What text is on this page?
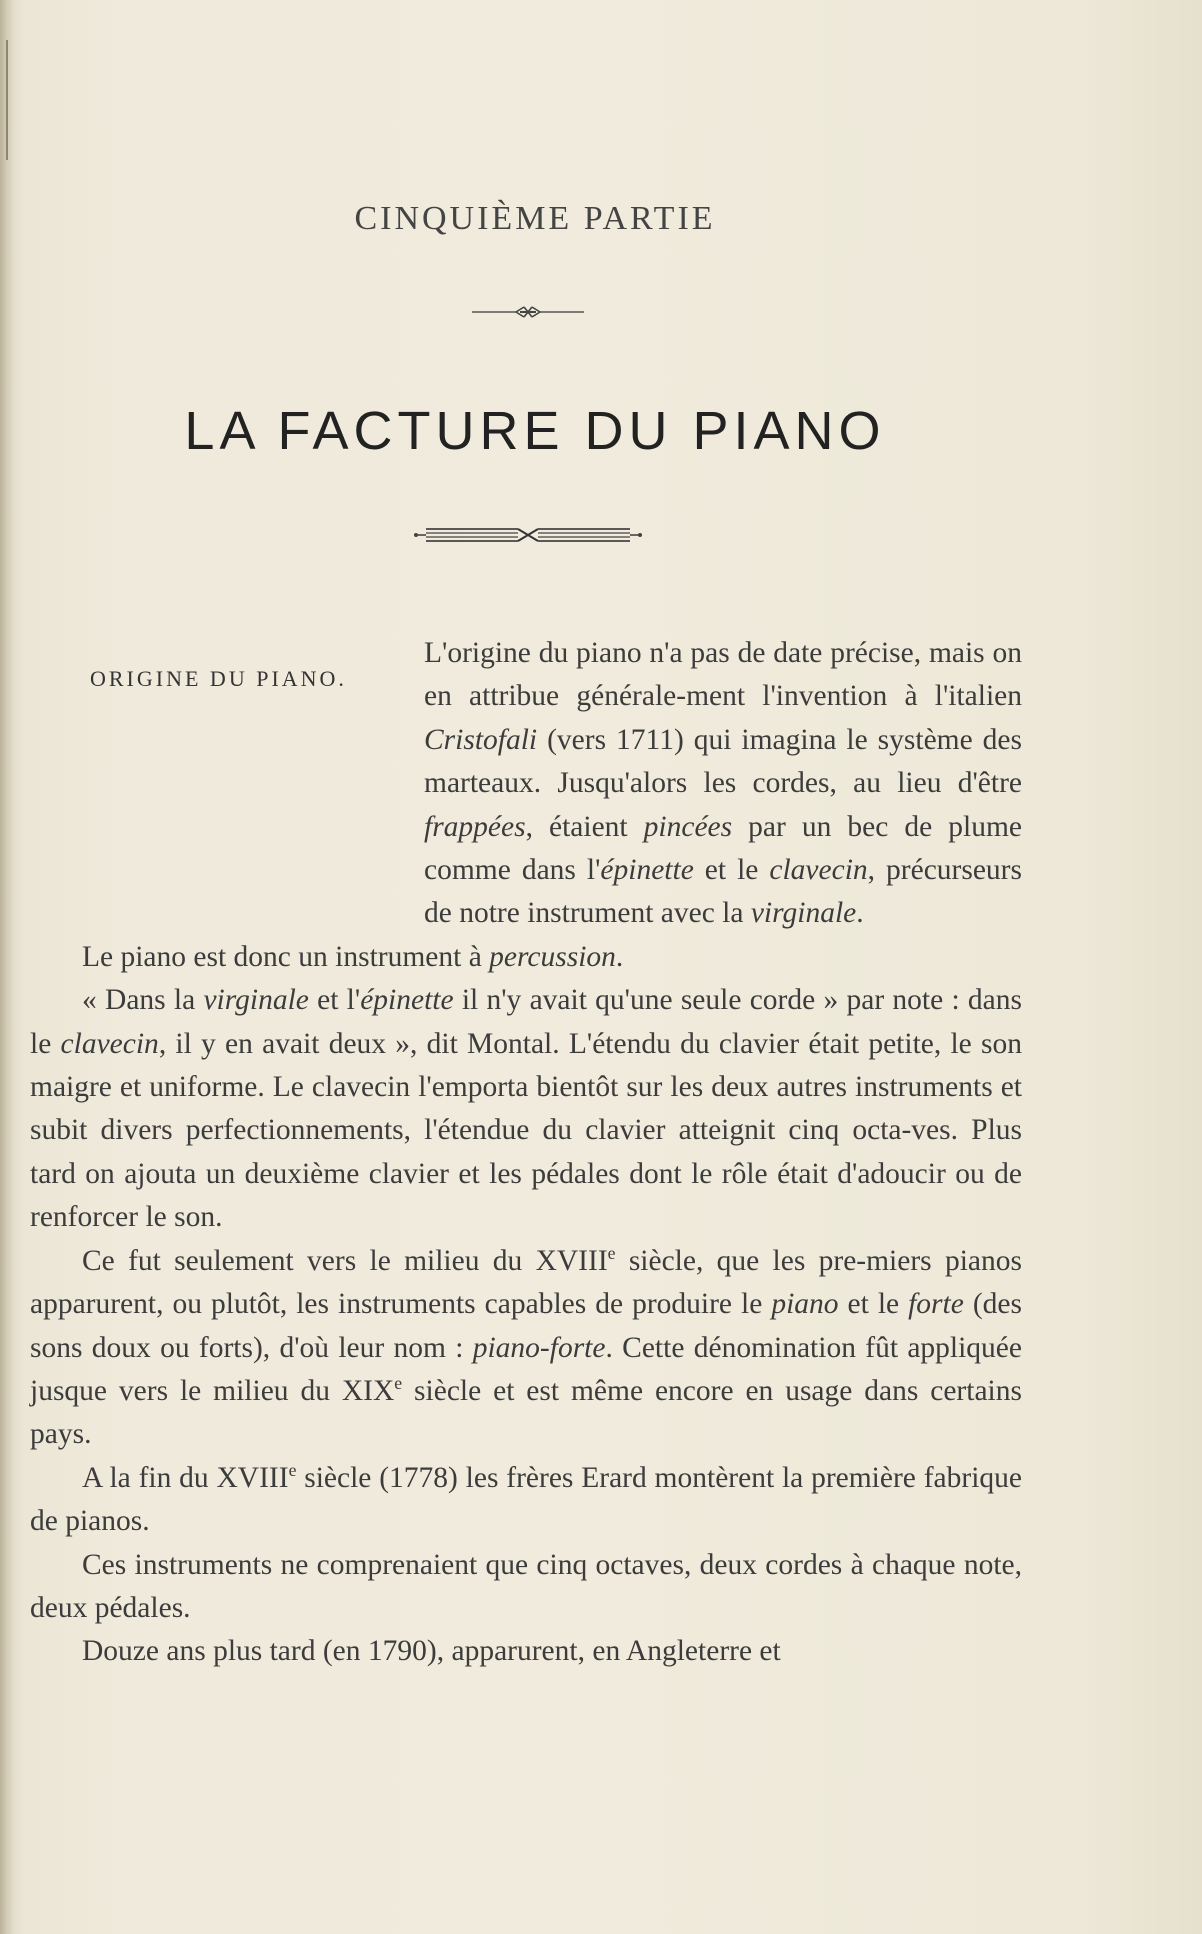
CINQUIÈME PARTIE
LA FACTURE DU PIANO
ORIGINE DU PIANO.

L'origine du piano n'a pas de date précise, mais on en attribue générale-ment l'invention à l'italien Cristofali (vers 1711) qui imagina le système des marteaux. Jusqu'alors les cordes, au lieu d'être frappées, étaient pincées par un bec de plume comme dans l'épinette et le clavecin, précurseurs de notre instrument avec la virginale.

Le piano est donc un instrument à percussion.

« Dans la virginale et l'épinette il n'y avait qu'une seule corde » par note : dans le clavecin, il y en avait deux », dit Montal. L'étendu du clavier était petite, le son maigre et uniforme. Le clavecin l'emporta bientôt sur les deux autres instruments et subit divers perfectionnements, l'étendue du clavier atteignit cinq octa-ves. Plus tard on ajouta un deuxième clavier et les pédales dont le rôle était d'adoucir ou de renforcer le son.

Ce fut seulement vers le milieu du XVIIIe siècle, que les pre-miers pianos apparurent, ou plutôt, les instruments capables de produire le piano et le forte (des sons doux ou forts), d'où leur nom : piano-forte. Cette dénomination fût appliquée jusque vers le milieu du XIXe siècle et est même encore en usage dans certains pays.

A la fin du XVIIIe siècle (1778) les frères Erard montèrent la première fabrique de pianos.

Ces instruments ne comprenaient que cinq octaves, deux cordes à chaque note, deux pédales.

Douze ans plus tard (en 1790), apparurent, en Angleterre et
